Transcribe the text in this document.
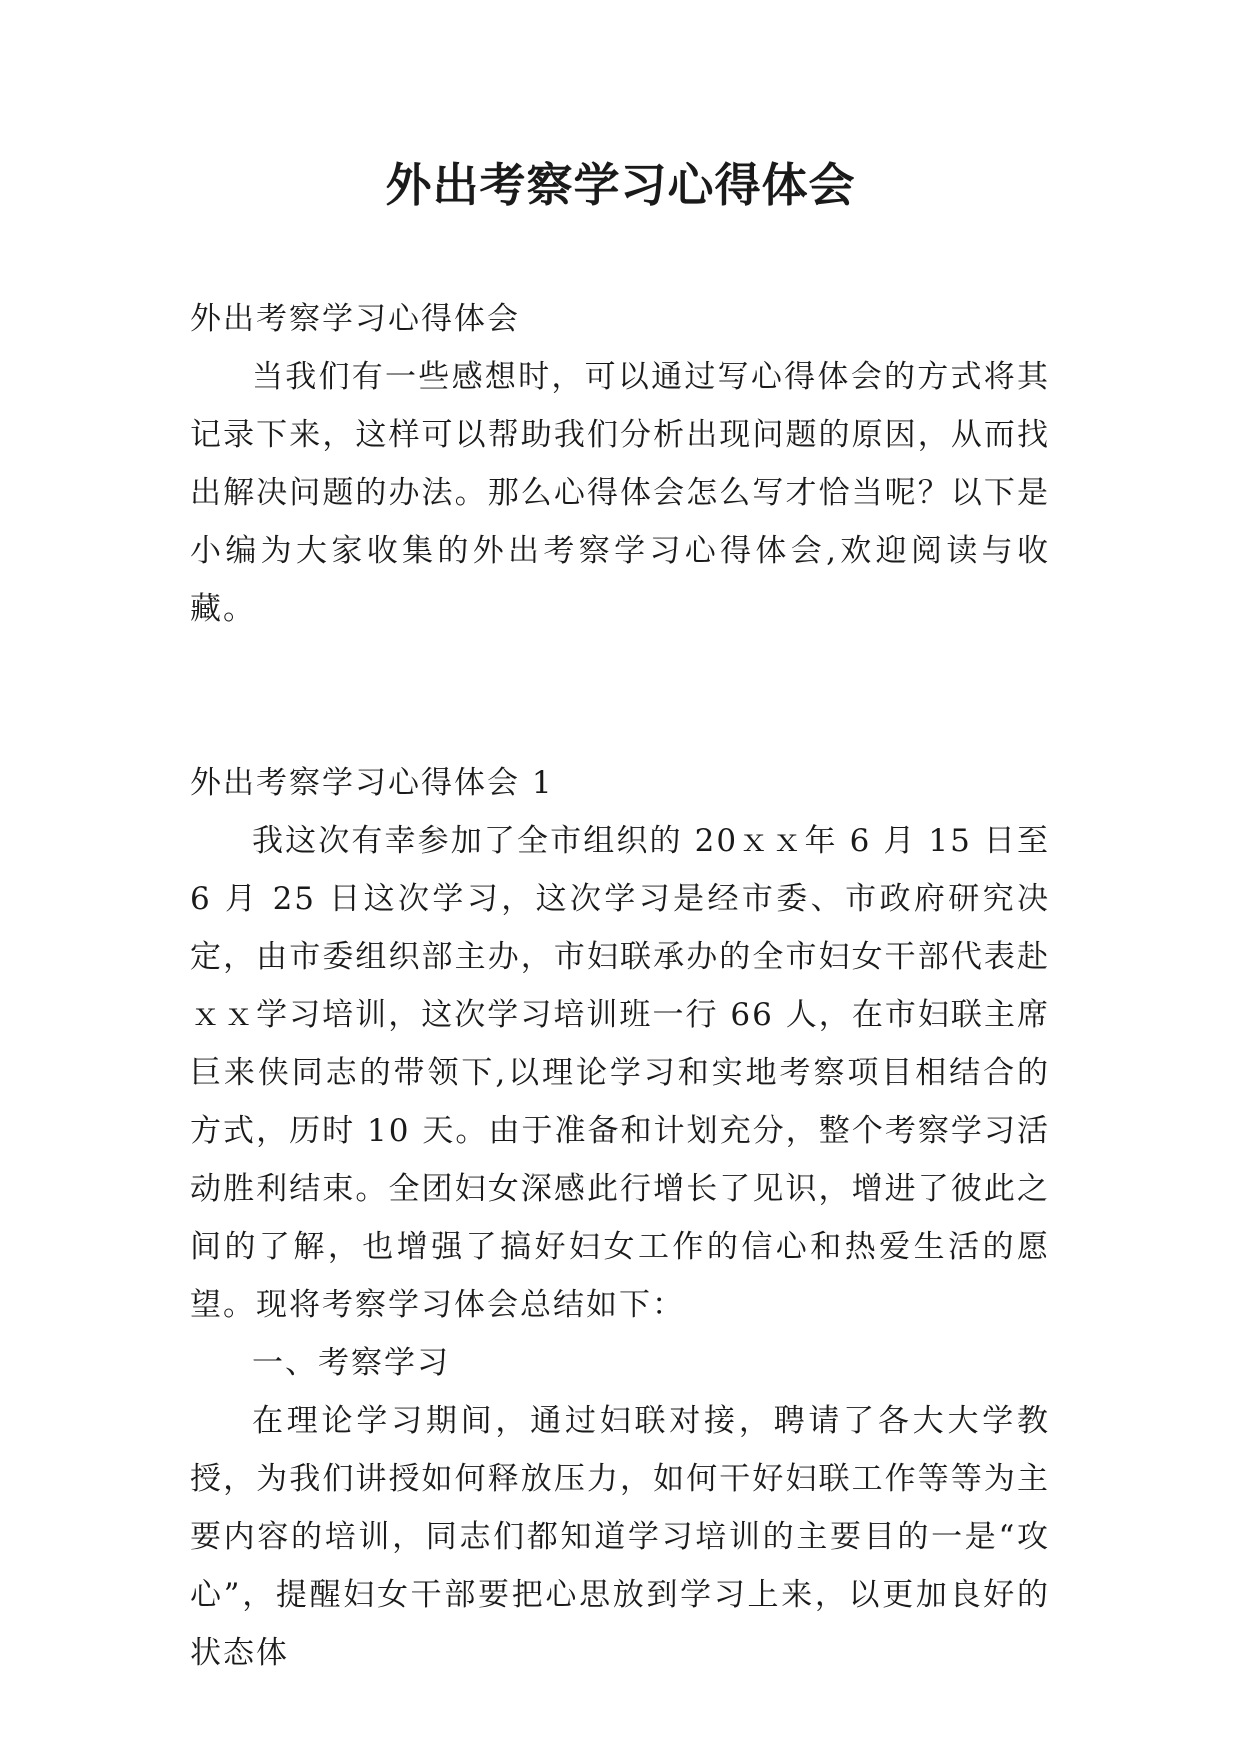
外出考察学习心得体会

外出考察学习心得体会

当我们有一些感想时，可以通过写心得体会的方式将其记录下来，这样可以帮助我们分析出现问题的原因，从而找出解决问题的办法。那么心得体会怎么写才恰当呢？以下是小编为大家收集的外出考察学习心得体会,欢迎阅读与收藏。

外出考察学习心得体会 1

我这次有幸参加了全市组织的 20ｘｘ年 6 月 15 日至 6 月 25 日这次学习，这次学习是经市委、市政府研究决定，由市委组织部主办，市妇联承办的全市妇女干部代表赴ｘｘ学习培训，这次学习培训班一行 66 人，在市妇联主席巨来侠同志的带领下,以理论学习和实地考察项目相结合的方式，历时 10 天。由于准备和计划充分，整个考察学习活动胜利结束。全团妇女深感此行增长了见识，增进了彼此之间的了解，也增强了搞好妇女工作的信心和热爱生活的愿望。现将考察学习体会总结如下：

一、考察学习

在理论学习期间，通过妇联对接，聘请了各大大学教授，为我们讲授如何释放压力，如何干好妇联工作等等为主要内容的培训，同志们都知道学习培训的主要目的一是“攻心”，提醒妇女干部要把心思放到学习上来，以更加良好的状态体
